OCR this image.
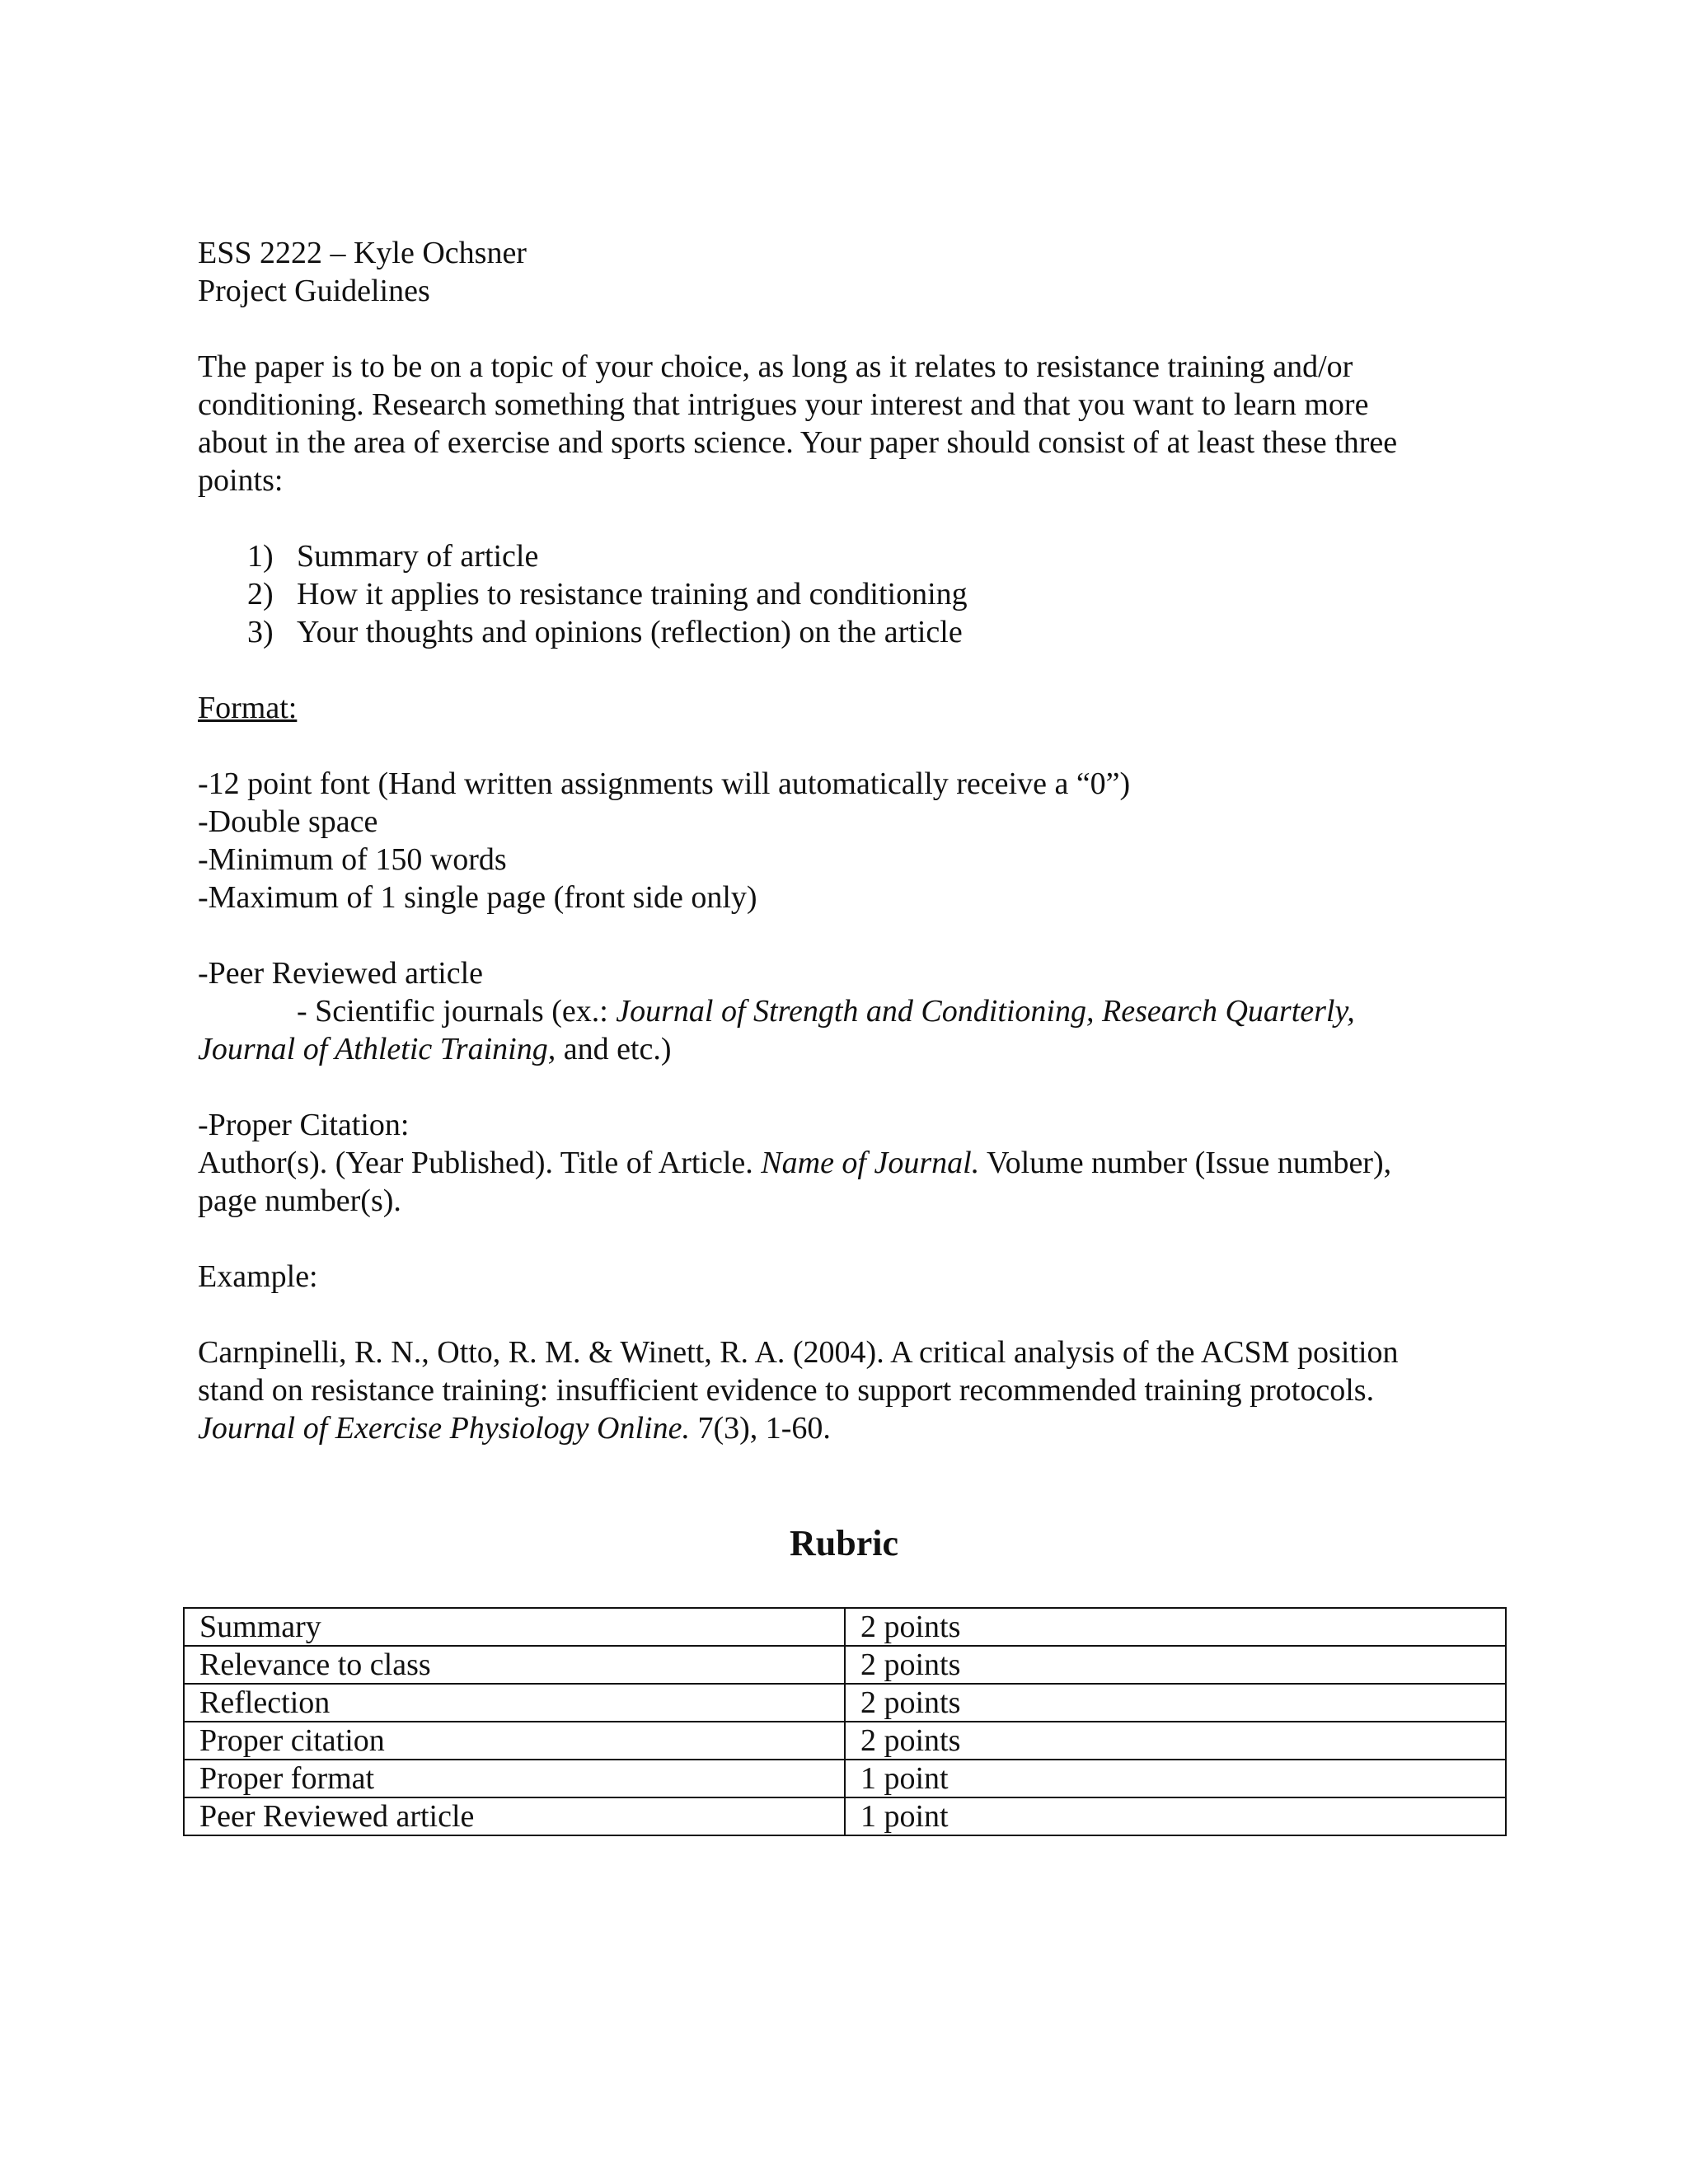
ESS 2222 – Kyle Ochsner
Project Guidelines
The paper is to be on a topic of your choice, as long as it relates to resistance training and/or
conditioning. Research something that intrigues your interest and that you want to learn more
about in the area of exercise and sports science. Your paper should consist of at least these three
points:
1) Summary of article
2) How it applies to resistance training and conditioning
3) Your thoughts and opinions (reflection) on the article
Format:
-12 point font (Hand written assignments will automatically receive a “0”)
-Double space
-Minimum of 150 words
-Maximum of 1 single page (front side only)
-Peer Reviewed article
- Scientific journals (ex.: Journal of Strength and Conditioning, Research Quarterly,
Journal of Athletic Training, and etc.)
-Proper Citation:
Author(s). (Year Published). Title of Article. Name of Journal. Volume number (Issue number),
page number(s).
Example:
Carnpinelli, R. N., Otto, R. M. & Winett, R. A. (2004). A critical analysis of the ACSM position
stand on resistance training: insufficient evidence to support recommended training protocols.
Journal of Exercise Physiology Online. 7(3), 1-60.
Rubric
Summary	2 points
Relevance to class	2 points
Reflection	2 points
Proper citation	2 points
Proper format	1 point
Peer Reviewed article	1 point
